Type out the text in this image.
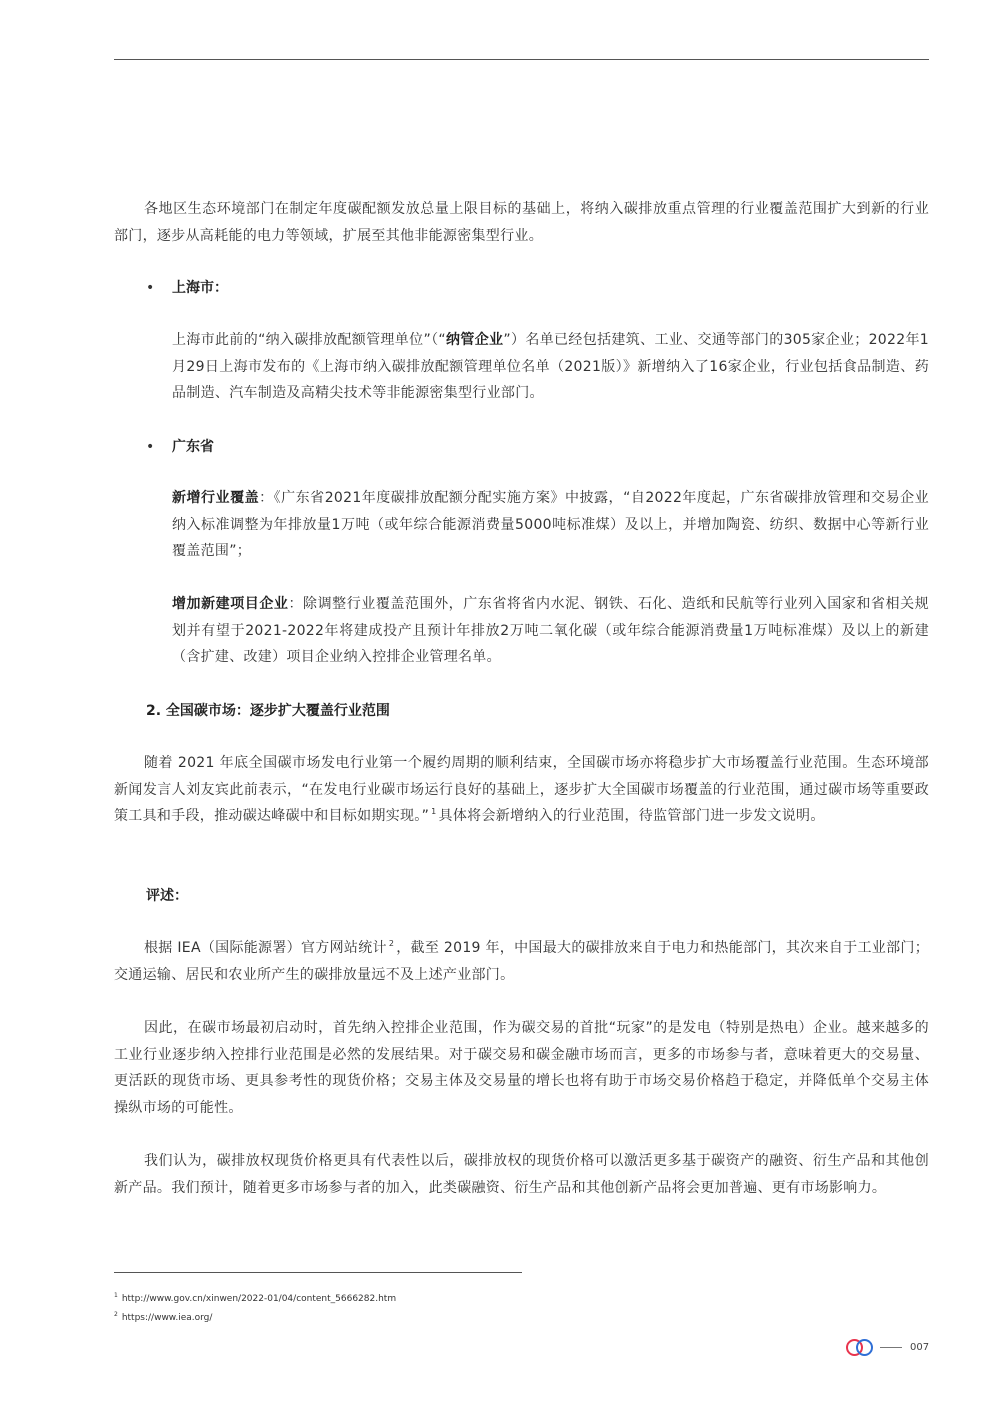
各地区生态环境部门在制定年度碳配额发放总量上限目标的基础上，将纳入碳排放重点管理的行业覆盖范围扩大到新的行业部门，逐步从高耗能的电力等领域，扩展至其他非能源密集型行业。

• 上海市：

上海市此前的“纳入碳排放配额管理单位”（“纳管企业”）名单已经包括建筑、工业、交通等部门的305家企业；2022年1月29日上海市发布的《上海市纳入碳排放配额管理单位名单（2021版）》新增纳入了16家企业，行业包括食品制造、药品制造、汽车制造及高精尖技术等非能源密集型行业部门。

• 广东省

新增行业覆盖：《广东省2021年度碳排放配额分配实施方案》中披露，“自2022年度起，广东省碳排放管理和交易企业纳入标准调整为年排放量1万吨（或年综合能源消费量5000吨标准煤）及以上，并增加陶瓷、纺织、数据中心等新行业覆盖范围”；

增加新建项目企业：除调整行业覆盖范围外，广东省将省内水泥、钢铁、石化、造纸和民航等行业列入国家和省相关规划并有望于2021-2022年将建成投产且预计年排放2万吨二氧化碳（或年综合能源消费量1万吨标准煤）及以上的新建（含扩建、改建）项目企业纳入控排企业管理名单。

2. 全国碳市场：逐步扩大覆盖行业范围

随着 2021 年底全国碳市场发电行业第一个履约周期的顺利结束，全国碳市场亦将稳步扩大市场覆盖行业范围。生态环境部新闻发言人刘友宾此前表示，“在发电行业碳市场运行良好的基础上，逐步扩大全国碳市场覆盖的行业范围，通过碳市场等重要政策工具和手段，推动碳达峰碳中和目标如期实现。” $^1$ 具体将会新增纳入的行业范围，待监管部门进一步发文说明。

评述：

根据 IEA（国际能源署）官方网站统计 $^2$ ，截至 2019 年，中国最大的碳排放来自于电力和热能部门，其次来自于工业部门；交通运输、居民和农业所产生的碳排放量远不及上述产业部门。

因此，在碳市场最初启动时，首先纳入控排企业范围，作为碳交易的首批“玩家”的是发电（特别是热电）企业。越来越多的工业行业逐步纳入控排行业范围是必然的发展结果。对于碳交易和碳金融市场而言，更多的市场参与者，意味着更大的交易量、更活跃的现货市场、更具参考性的现货价格；交易主体及交易量的增长也将有助于市场交易价格趋于稳定，并降低单个交易主体操纵市场的可能性。

我们认为，碳排放权现货价格更具有代表性以后，碳排放权的现货价格可以激活更多基于碳资产的融资、衍生产品和其他创新产品。我们预计，随着更多市场参与者的加入，此类碳融资、衍生产品和其他创新产品将会更加普遍、更有市场影响力。

$^1$ http://www.gov.cn/xinwen/2022-01/04/content_5666282.htm
$^2$ https://www.iea.org/
007
